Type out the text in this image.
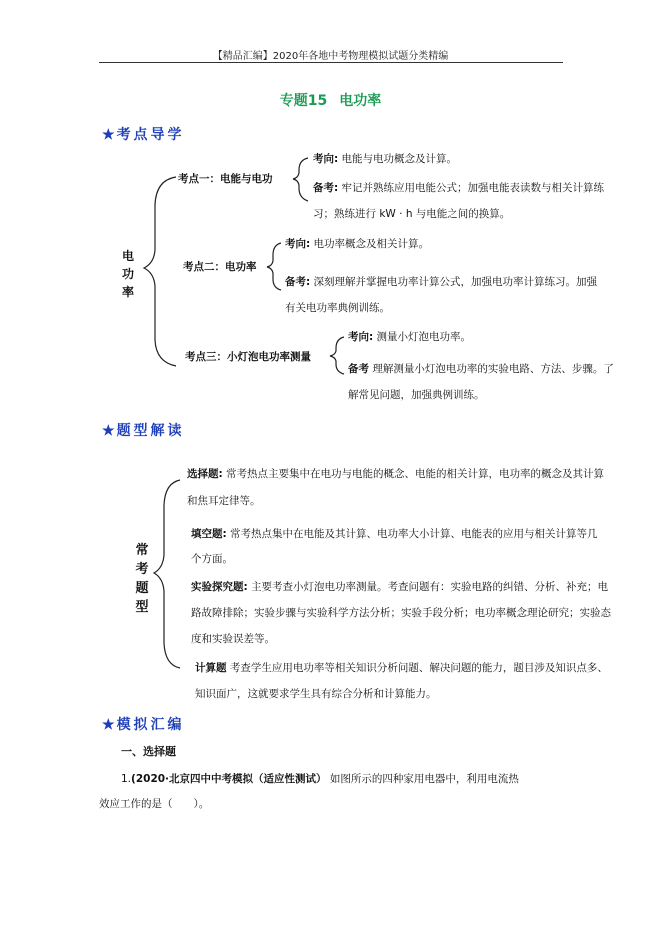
【精品汇编】2020年各地中考物理模拟试题分类精编
专题15 电功率
★ 考点导学
电功率
考点一：电能与电功
考向: 电能与电功概念及计算。
备考: 牢记并熟练应用电能公式；加强电能表读数与相关计算练
习；熟练进行 kW · h 与电能之间的换算。
考点二：电功率
考向: 电功率概念及相关计算。
备考: 深刻理解并掌握电功率计算公式，加强电功率计算练习。加强
有关电功率典例训练。
考点三：小灯泡电功率测量
考向: 测量小灯泡电功率。
备考 理解测量小灯泡电功率的实验电路、方法、步骤。了
解常见问题，加强典例训练。
★ 题型解读
常考题型
选择题: 常考热点主要集中在电功与电能的概念、电能的相关计算，电功率的概念及其计算
和焦耳定律等。
填空题: 常考热点集中在电能及其计算、电功率大小计算、电能表的应用与相关计算等几
个方面。
实验探究题: 主要考查小灯泡电功率测量。考查问题有：实验电路的纠错、分析、补充；电
路故障排除；实验步骤与实验科学方法分析；实验手段分析；电功率概念理论研究；实验态
度和实验误差等。
计算题 考查学生应用电功率等相关知识分析问题、解决问题的能力，题目涉及知识点多、
知识面广，这就要求学生具有综合分析和计算能力。
★ 模拟汇编
一、选择题
1.(2020·北京四中中考模拟（适应性测试） 如图所示的四种家用电器中，利用电流热
效应工作的是（　　）。
